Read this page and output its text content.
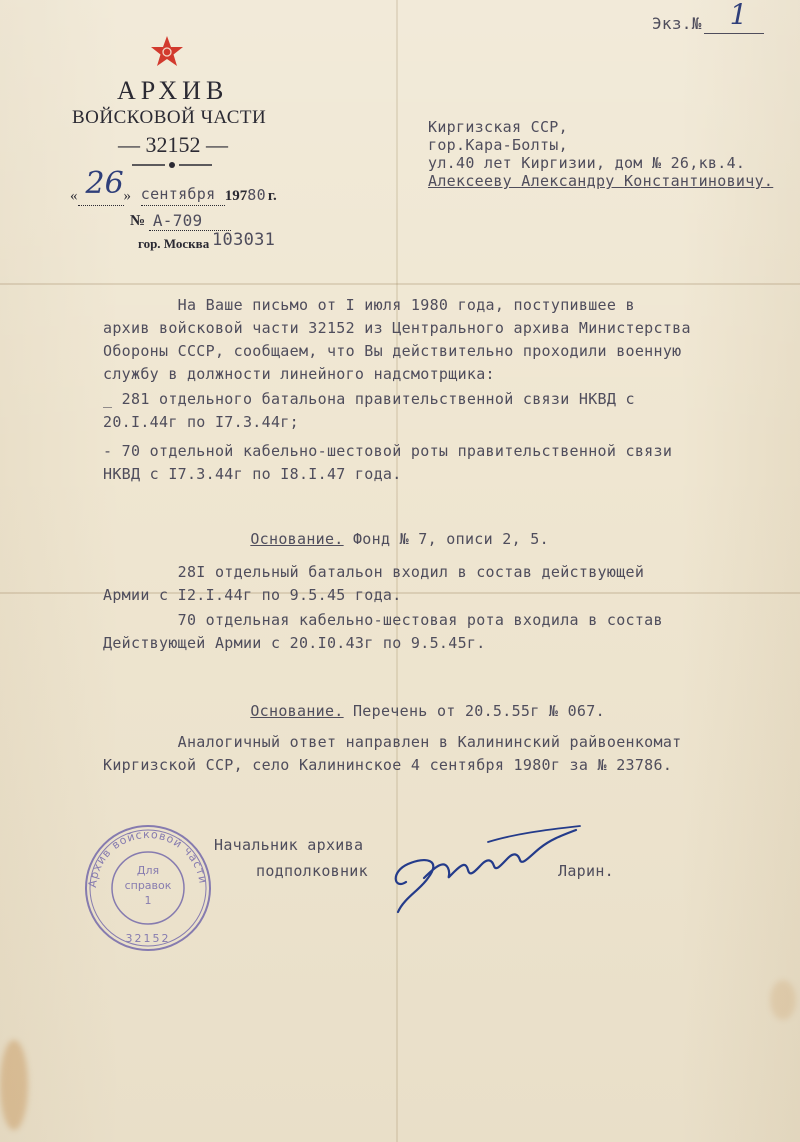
АРХИВ
ВОЙСКОВОЙ ЧАСТИ
— 32152 —
« 26 » сентября 19780 г.
№ А-709

гор. Москва 103031
Экз.№ 1

Киргизская ССР,
гор.Кара-Болты,
ул.40 лет Киргизии, дом № 26,кв.4.
Алексееву Александру Константиновичу.
На Ваше письмо от I июля 1980 года, поступившее в
архив войсковой части 32152 из Центрального архива Министерства
Обороны СССР, сообщаем, что Вы действительно проходили военную
службу в должности линейного надсмотрщика:
_ 281 отдельного батальона правительственной связи НКВД с
20.I.44г по I7.3.44г;
- 70 отдельной кабельно-шестовой роты правительственной связи
НКВД с I7.3.44г по I8.I.47 года.

Основание. Фонд № 7, описи 2, 5.

28I отдельный батальон входил в состав действующей
Армии с I2.I.44г по 9.5.45 года.
70 отдельная кабельно-шестовая рота входила в состав
Действующей Армии с 20.I0.43г по 9.5.45г.

Основание. Перечень от 20.5.55г № 067.

Аналогичный ответ направлен в Калининский райвоенкомат
Киргизской ССР, село Калининское 4 сентября 1980г за № 23786.
Начальник архива
подполковник	Ларин.
Архив войсковой части
Для
справок
1
32152
